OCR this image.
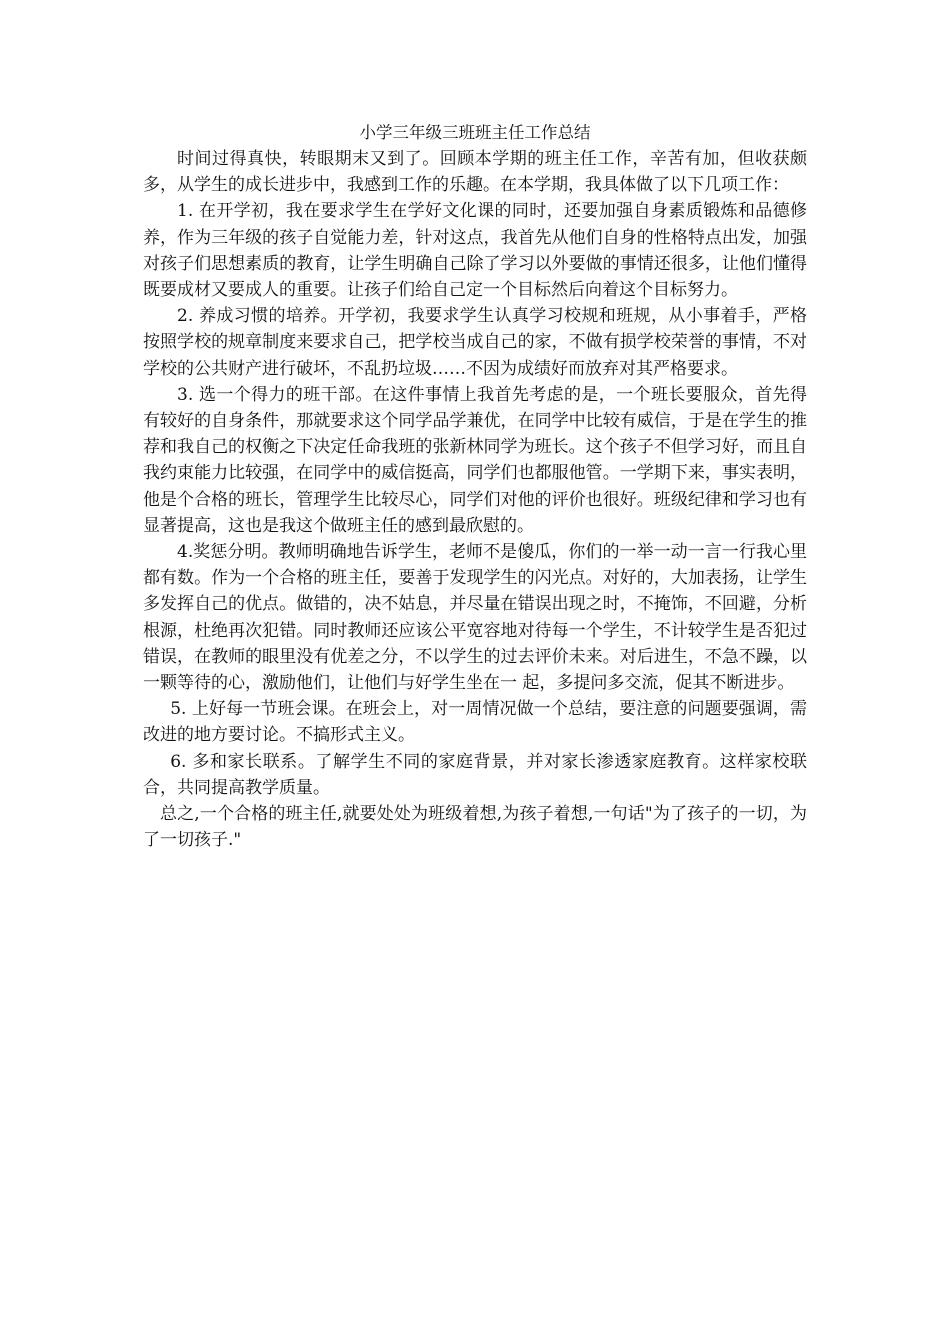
小学三年级三班班主任工作总结

时间过得真快，转眼期末又到了。回顾本学期的班主任工作，辛苦有加，但收获颇多，从学生的成长进步中，我感到工作的乐趣。在本学期，我具体做了以下几项工作：

1. 在开学初，我在要求学生在学好文化课的同时，还要加强自身素质锻炼和品德修养，作为三年级的孩子自觉能力差，针对这点，我首先从他们自身的性格特点出发，加强对孩子们思想素质的教育，让学生明确自己除了学习以外要做的事情还很多，让他们懂得既要成材又要成人的重要。让孩子们给自己定一个目标然后向着这个目标努力。

2. 养成习惯的培养。开学初，我要求学生认真学习校规和班规，从小事着手，严格按照学校的规章制度来要求自己，把学校当成自己的家，不做有损学校荣誉的事情，不对学校的公共财产进行破坏，不乱扔垃圾……不因为成绩好而放弃对其严格要求。

3. 选一个得力的班干部。在这件事情上我首先考虑的是，一个班长要服众，首先得有较好的自身条件，那就要求这个同学品学兼优，在同学中比较有威信，于是在学生的推荐和我自己的权衡之下决定任命我班的张新林同学为班长。这个孩子不但学习好，而且自我约束能力比较强，在同学中的威信挺高，同学们也都服他管。一学期下来，事实表明，他是个合格的班长，管理学生比较尽心，同学们对他的评价也很好。班级纪律和学习也有显著提高，这也是我这个做班主任的感到最欣慰的。

4.奖惩分明。教师明确地告诉学生，老师不是傻瓜，你们的一举一动一言一行我心里都有数。作为一个合格的班主任，要善于发现学生的闪光点。对好的，大加表扬，让学生多发挥自己的优点。做错的，决不姑息，并尽量在错误出现之时，不掩饰，不回避，分析根源，杜绝再次犯错。同时教师还应该公平宽容地对待每一个学生，不计较学生是否犯过错误，在教师的眼里没有优差之分，不以学生的过去评价未来。对后进生，不急不躁，以一颗等待的心，激励他们，让他们与好学生坐在一 起，多提问多交流，促其不断进步。

5. 上好每一节班会课。在班会上，对一周情况做一个总结，要注意的问题要强调，需改进的地方要讨论。不搞形式主义。

6. 多和家长联系。了解学生不同的家庭背景，并对家长渗透家庭教育。这样家校联合，共同提高教学质量。

总之,一个合格的班主任,就要处处为班级着想,为孩子着想,一句话"为了孩子的一切，为了一切孩子."
